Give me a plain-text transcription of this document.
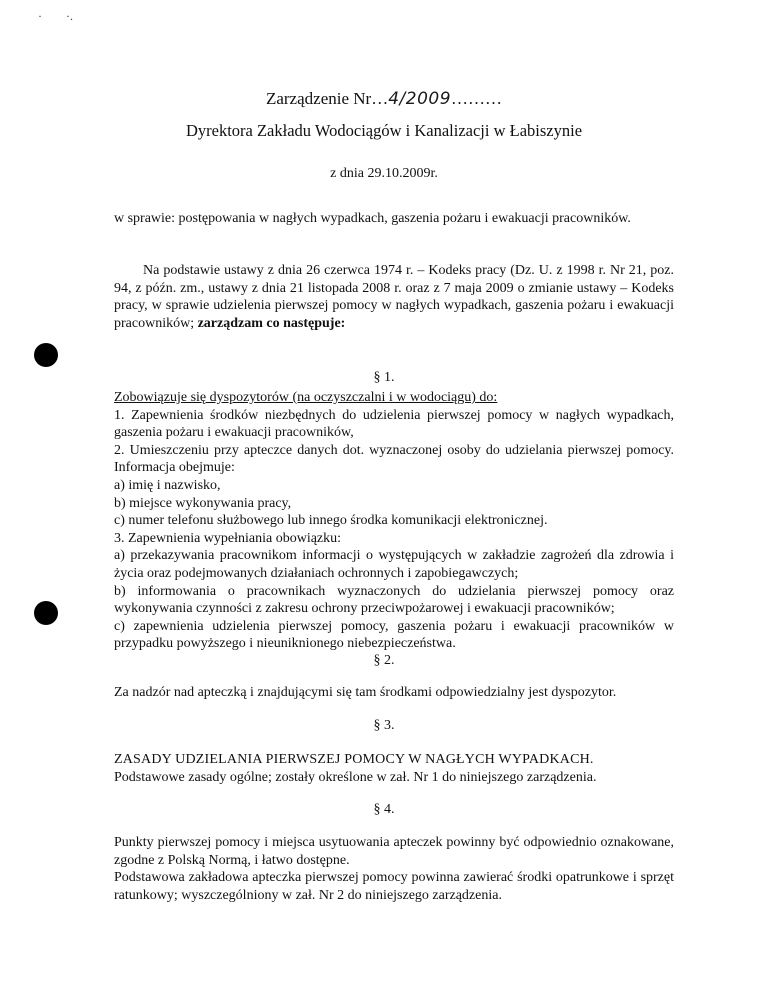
· ·.
Zarządzenie Nr…4/2009………
Dyrektora Zakładu Wodociągów i Kanalizacji w Łabiszynie
z dnia 29.10.2009r.
w sprawie: postępowania w nagłych wypadkach, gaszenia pożaru i ewakuacji pracowników.
Na podstawie ustawy z dnia 26 czerwca 1974 r. – Kodeks pracy (Dz. U. z 1998 r. Nr 21, poz. 94, z późn. zm., ustawy z dnia 21 listopada 2008 r. oraz z 7 maja 2009 o zmianie ustawy – Kodeks pracy, w sprawie udzielenia pierwszej pomocy w nagłych wypadkach, gaszenia pożaru i ewakuacji pracowników; zarządzam co następuje:
§ 1.

Zobowiązuje się dyspozytorów (na oczyszczalni i w wodociągu) do:

1. Zapewnienia środków niezbędnych do udzielenia pierwszej pomocy w nagłych wypadkach, gaszenia pożaru i ewakuacji pracowników,

2. Umieszczeniu przy apteczce danych dot. wyznaczonej osoby do udzielania pierwszej pomocy. Informacja obejmuje:

a) imię i nazwisko,

b) miejsce wykonywania pracy,

c) numer telefonu służbowego lub innego środka komunikacji elektronicznej.

3. Zapewnienia wypełniania obowiązku:

a) przekazywania pracownikom informacji o występujących w zakładzie zagrożeń dla zdrowia i życia oraz podejmowanych działaniach ochronnych i zapobiegawczych;

b) informowania o pracownikach wyznaczonych do udzielania pierwszej pomocy oraz wykonywania czynności z zakresu ochrony przeciwpożarowej i ewakuacji pracowników;

c) zapewnienia udzielenia pierwszej pomocy, gaszenia pożaru i ewakuacji pracowników w przypadku powyższego i nieuniknionego niebezpieczeństwa.

§ 2.

Za nadzór nad apteczką i znajdującymi się tam środkami odpowiedzialny jest dyspozytor.

§ 3.

ZASADY UDZIELANIA PIERWSZEJ POMOCY W NAGŁYCH WYPADKACH.

Podstawowe zasady ogólne; zostały określone w zał. Nr 1 do niniejszego zarządzenia.

§ 4.

Punkty pierwszej pomocy i miejsca usytuowania apteczek powinny być odpowiednio oznakowane, zgodne z Polską Normą, i łatwo dostępne.

Podstawowa zakładowa apteczka pierwszej pomocy powinna zawierać środki opatrunkowe i sprzęt ratunkowy; wyszczególniony w zał. Nr 2 do niniejszego zarządzenia.
